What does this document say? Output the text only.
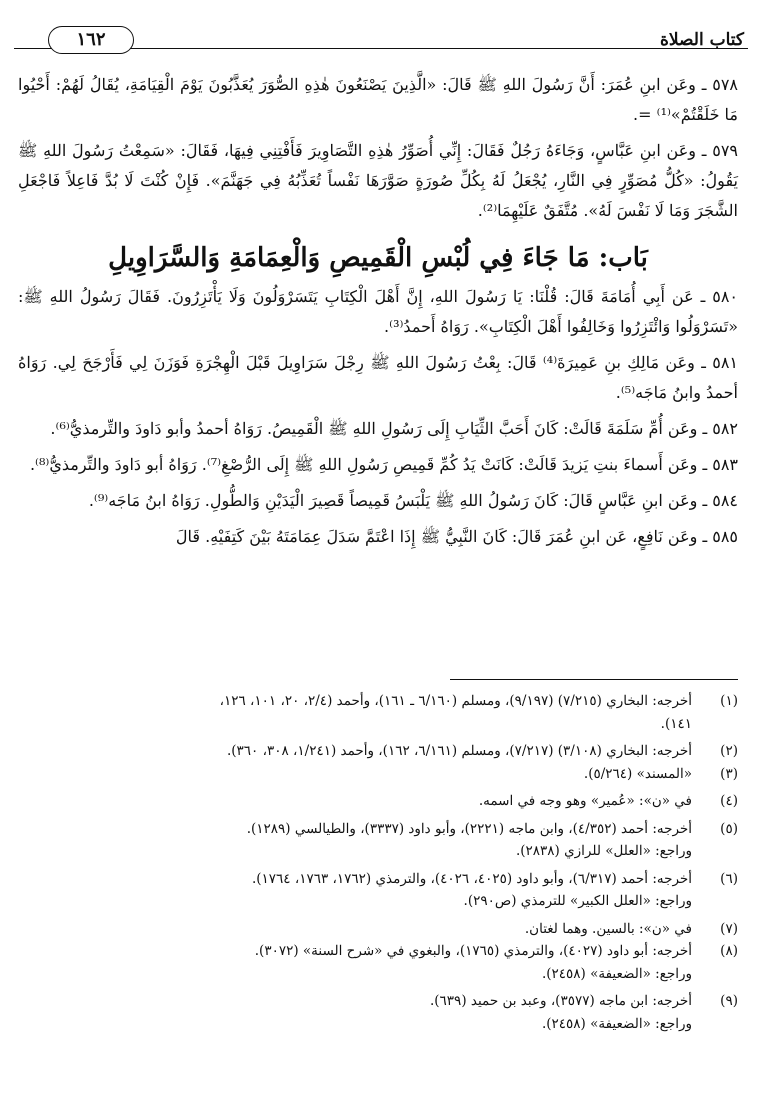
كتاب الصلاة
١٦٢

٥٧٨ ـ وعَن ابنِ عُمَرَ: أَنَّ رَسُولَ اللهِ ﷺ قَالَ: «الَّذِينَ يَصْنَعُونَ هٰذِهِ الصُّوَرَ يُعَذَّبُونَ يَوْمَ الْقِيَامَةِ، يُقَالُ لَهُمْ: أَحْيُوا مَا خَلَقْتُمْ»⁽¹⁾ =.

٥٧٩ ـ وعَن ابنِ عَبَّاسٍ، وَجَاءَهُ رَجُلٌ فَقَالَ: إِنِّي أُصَوِّرُ هٰذِهِ التَّصَاوِيرَ فَأَفْتِنِي فِيهَا، فَقَالَ: «سَمِعْتُ رَسُولَ اللهِ ﷺ يَقُولُ: «كُلُّ مُصَوِّرٍ فِي النَّارِ، يُجْعَلُ لَهُ بِكُلِّ صُورَةٍ صَوَّرَهَا نَفْساً تُعَذِّبُهُ فِي جَهَنَّمَ». فَإِنْ كُنْتَ لَا بُدَّ فَاعِلاً فَاجْعَلِ الشَّجَرَ وَمَا لَا نَفْسَ لَهُ». مُتَّفَقٌ عَلَيْهِمَا⁽²⁾.

بَاب: مَا جَاءَ فِي لُبْسِ الْقَمِيصِ وَالْعِمَامَةِ وَالسَّرَاوِيلِ

٥٨٠ ـ عَن أَبِي أُمَامَةَ قَالَ: قُلْنَا: يَا رَسُولَ اللهِ، إِنَّ أَهْلَ الْكِتَابِ يَتَسَرْوَلُونَ وَلَا يَأْتَزِرُونَ. فَقَالَ رَسُولُ اللهِ ﷺ: «تَسَرْوَلُوا وَائْتَزِرُوا وَخَالِفُوا أَهْلَ الْكِتَابِ». رَوَاهُ أَحمدُ⁽³⁾.

٥٨١ ـ وعَن مَالِكِ بنِ عَمِيرَةَ⁽⁴⁾ قَالَ: بِعْتُ رَسُولَ اللهِ ﷺ رِجْلَ سَرَاوِيلَ قَبْلَ الْهِجْرَةِ فَوَزَنَ لِي فَأَرْجَحَ لِي. رَوَاهُ أحمدُ وابنُ مَاجَه⁽⁵⁾.

٥٨٢ ـ وعَن أُمِّ سَلَمَةَ قَالَتْ: كَانَ أَحَبَّ الثِّيَابِ إِلَى رَسُولِ اللهِ ﷺ الْقَمِيصُ. رَوَاهُ أحمدُ وأبو دَاودَ والتِّرمذيُّ⁽⁶⁾.

٥٨٣ ـ وعَن أَسماءَ بنتِ يَزيدَ قَالَتْ: كَانَتْ يَدُ كُمِّ قَمِيصِ رَسُولِ اللهِ ﷺ إِلَى الرُّصْغِ⁽⁷⁾. رَوَاهُ أبو دَاودَ والتِّرمذيُّ⁽⁸⁾.

٥٨٤ ـ وعَن ابنِ عَبَّاسٍ قَالَ: كَانَ رَسُولُ اللهِ ﷺ يَلْبَسُ قَمِيصاً قَصِيرَ الْيَدَيْنِ وَالطُّولِ. رَوَاهُ ابنُ مَاجَه⁽⁹⁾.

٥٨٥ ـ وعَن نَافِعٍ، عَن ابنِ عُمَرَ قَالَ: كَانَ النَّبِيُّ ﷺ إِذَا اعْتَمَّ سَدَلَ عِمَامَتَهُ بَيْنَ كَتِفَيْهِ. قَالَ

(١)
أخرجه: البخاري (٧/٢١٥) (٩/١٩٧)، ومسلم (٦/١٦٠ ـ ١٦١)، وأحمد (٢/٤، ٢٠، ١٠١، ١٢٦،
١٤١).
(٢)
أخرجه: البخاري (٣/١٠٨) (٧/٢١٧)، ومسلم (٦/١٦١، ١٦٢)، وأحمد (١/٢٤١، ٣٠٨، ٣٦٠).
(٣)
«المسند» (٥/٢٦٤).
(٤)
في «ن»: «عُمير» وهو وجه في اسمه.
(٥)
أخرجه: أحمد (٤/٣٥٢)، وابن ماجه (٢٢٢١)، وأبو داود (٣٣٣٧)، والطيالسي (١٢٨٩).
وراجع: «العلل» للرازي (٢٨٣٨).
(٦)
أخرجه: أحمد (٦/٣١٧)، وأبو داود (٤٠٢٥، ٤٠٢٦)، والترمذي (١٧٦٢، ١٧٦٣، ١٧٦٤).
وراجع: «العلل الكبير» للترمذي (ص٢٩٠).
(٧)
في «ن»: بالسين. وهما لغتان.
(٨)
أخرجه: أبو داود (٤٠٢٧)، والترمذي (١٧٦٥)، والبغوي في «شرح السنة» (٣٠٧٢).
وراجع: «الضعيفة» (٢٤٥٨).
(٩)
أخرجه: ابن ماجه (٣٥٧٧)، وعبد بن حميد (٦٣٩).
وراجع: «الضعيفة» (٢٤٥٨).
